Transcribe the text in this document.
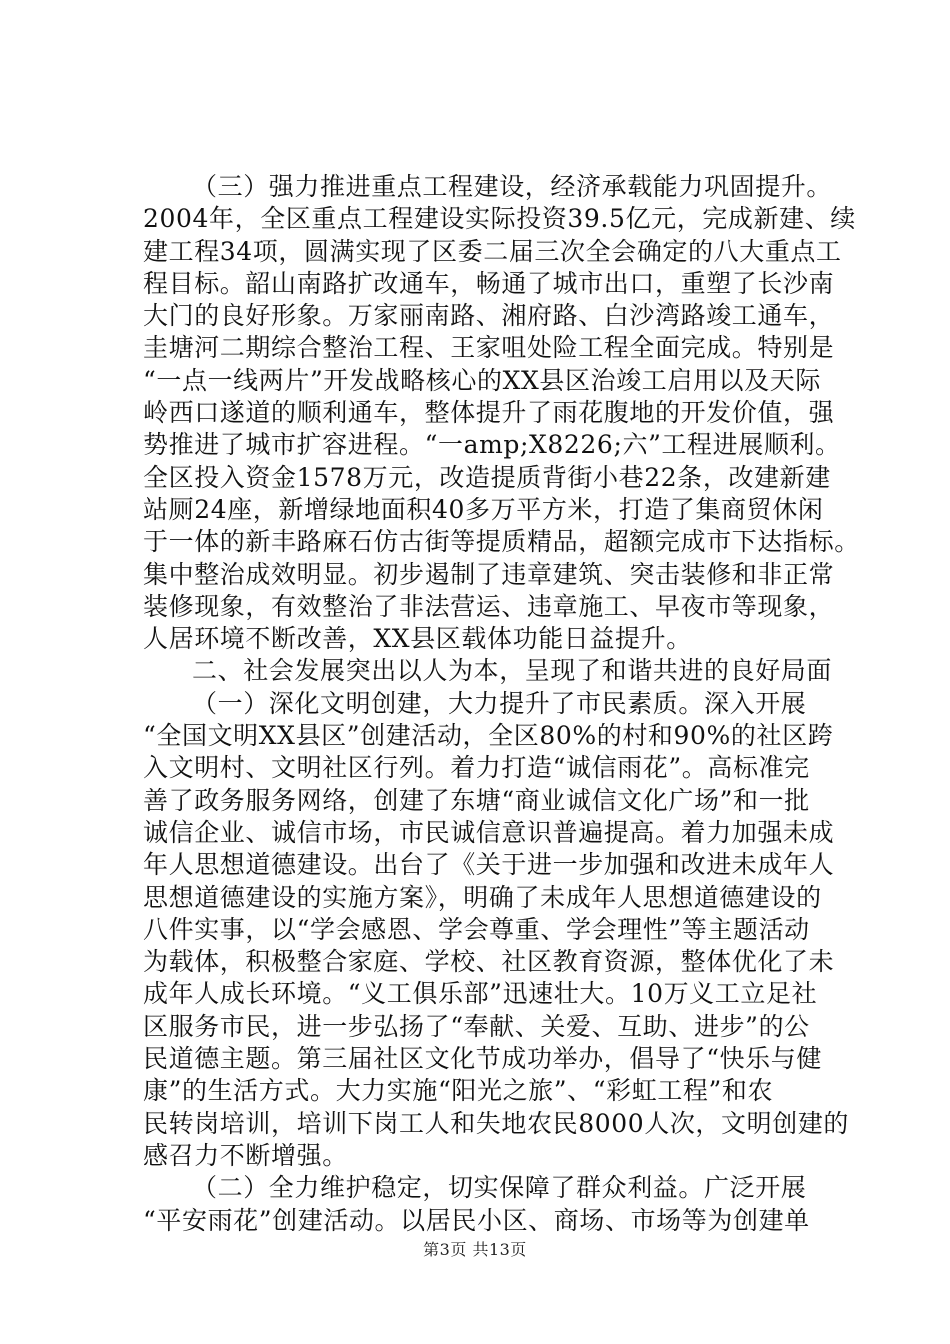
（三）强力推进重点工程建设，经济承载能力巩固提升。
2004年，全区重点工程建设实际投资39.5亿元，完成新建、续
建工程34项，圆满实现了区委二届三次全会确定的八大重点工
程目标。韶山南路扩改通车，畅通了城市出口，重塑了长沙南
大门的良好形象。万家丽南路、湘府路、白沙湾路竣工通车，
圭塘河二期综合整治工程、王家咀处险工程全面完成。特别是
“一点一线两片”开发战略核心的XX县区治竣工启用以及天际
岭西口遂道的顺利通车，整体提升了雨花腹地的开发价值，强
势推进了城市扩容进程。“一amp;X8226;六”工程进展顺利。
全区投入资金1578万元，改造提质背街小巷22条，改建新建
站厕24座，新增绿地面积40多万平方米，打造了集商贸休闲
于一体的新丰路麻石仿古街等提质精品，超额完成市下达指标。
集中整治成效明显。初步遏制了违章建筑、突击装修和非正常
装修现象，有效整治了非法营运、违章施工、早夜市等现象，
人居环境不断改善，XX县区载体功能日益提升。
二、社会发展突出以人为本，呈现了和谐共进的良好局面
（一）深化文明创建，大力提升了市民素质。深入开展
“全国文明XX县区”创建活动，全区80%的村和90%的社区跨
入文明村、文明社区行列。着力打造“诚信雨花”。高标准完
善了政务服务网络，创建了东塘“商业诚信文化广场”和一批
诚信企业、诚信市场，市民诚信意识普遍提高。着力加强未成
年人思想道德建设。出台了《关于进一步加强和改进未成年人
思想道德建设的实施方案》，明确了未成年人思想道德建设的
八件实事，以“学会感恩、学会尊重、学会理性”等主题活动
为载体，积极整合家庭、学校、社区教育资源，整体优化了未
成年人成长环境。“义工俱乐部”迅速壮大。10万义工立足社
区服务市民，进一步弘扬了“奉献、关爱、互助、进步”的公
民道德主题。第三届社区文化节成功举办，倡导了“快乐与健
康”的生活方式。大力实施“阳光之旅”、“彩虹工程”和农
民转岗培训，培训下岗工人和失地农民8000人次，文明创建的
感召力不断增强。
（二）全力维护稳定，切实保障了群众利益。广泛开展
“平安雨花”创建活动。以居民小区、商场、市场等为创建单
第3页 共13页
